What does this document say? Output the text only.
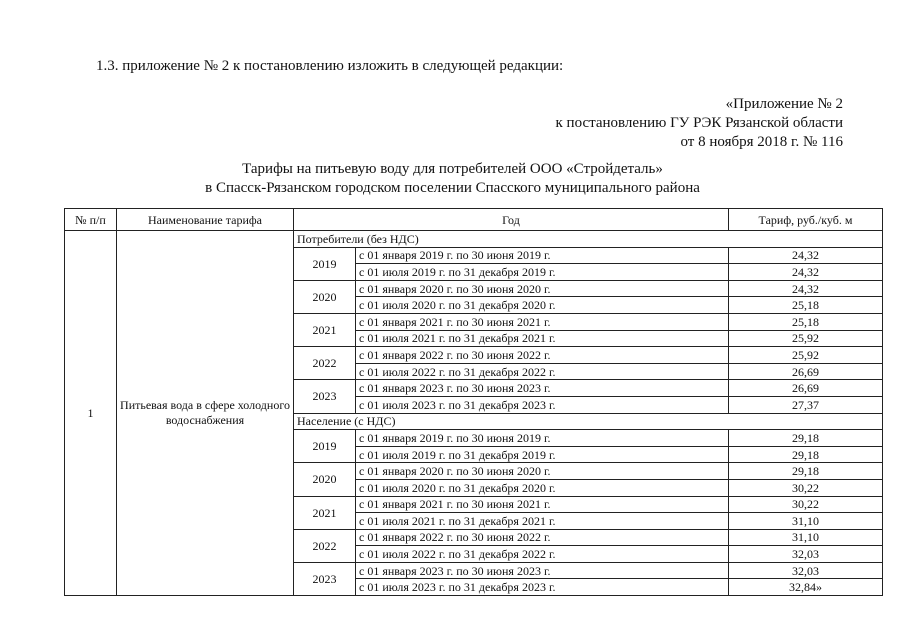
1.3. приложение № 2 к постановлению изложить в следующей редакции:
«Приложение № 2
к постановлению ГУ РЭК Рязанской области
от 8 ноября 2018 г. № 116
Тарифы на питьевую воду для потребителей ООО «Стройдеталь»
в Спасск-Рязанском городском поселении Спасского муниципального района
№ п/п	Наименование тарифа	Год		Тариф, руб./куб. м
1	Питьевая вода в сфере холодного водоснабжения	Потребители (без НДС)		
		2019	с 01 января 2019 г. по 30 июня 2019 г.	24,32
			с 01 июля 2019 г. по 31 декабря 2019 г.	24,32
		2020	с 01 января 2020 г. по 30 июня 2020 г.	24,32
			с 01 июля 2020 г. по 31 декабря 2020 г.	25,18
		2021	с 01 января 2021 г. по 30 июня 2021 г.	25,18
			с 01 июля 2021 г. по 31 декабря 2021 г.	25,92
		2022	с 01 января 2022 г. по 30 июня 2022 г.	25,92
			с 01 июля 2022 г. по 31 декабря 2022 г.	26,69
		2023	с 01 января 2023 г. по 30 июня 2023 г.	26,69
			с 01 июля 2023 г. по 31 декабря 2023 г.	27,37
		Население (с НДС)		
		2019	с 01 января 2019 г. по 30 июня 2019 г.	29,18
			с 01 июля 2019 г. по 31 декабря 2019 г.	29,18
		2020	с 01 января 2020 г. по 30 июня 2020 г.	29,18
			с 01 июля 2020 г. по 31 декабря 2020 г.	30,22
		2021	с 01 января 2021 г. по 30 июня 2021 г.	30,22
			с 01 июля 2021 г. по 31 декабря 2021 г.	31,10
		2022	с 01 января 2022 г. по 30 июня 2022 г.	31,10
			с 01 июля 2022 г. по 31 декабря 2022 г.	32,03
		2023	с 01 января 2023 г. по 30 июня 2023 г.	32,03
			с 01 июля 2023 г. по 31 декабря 2023 г.	32,84»
